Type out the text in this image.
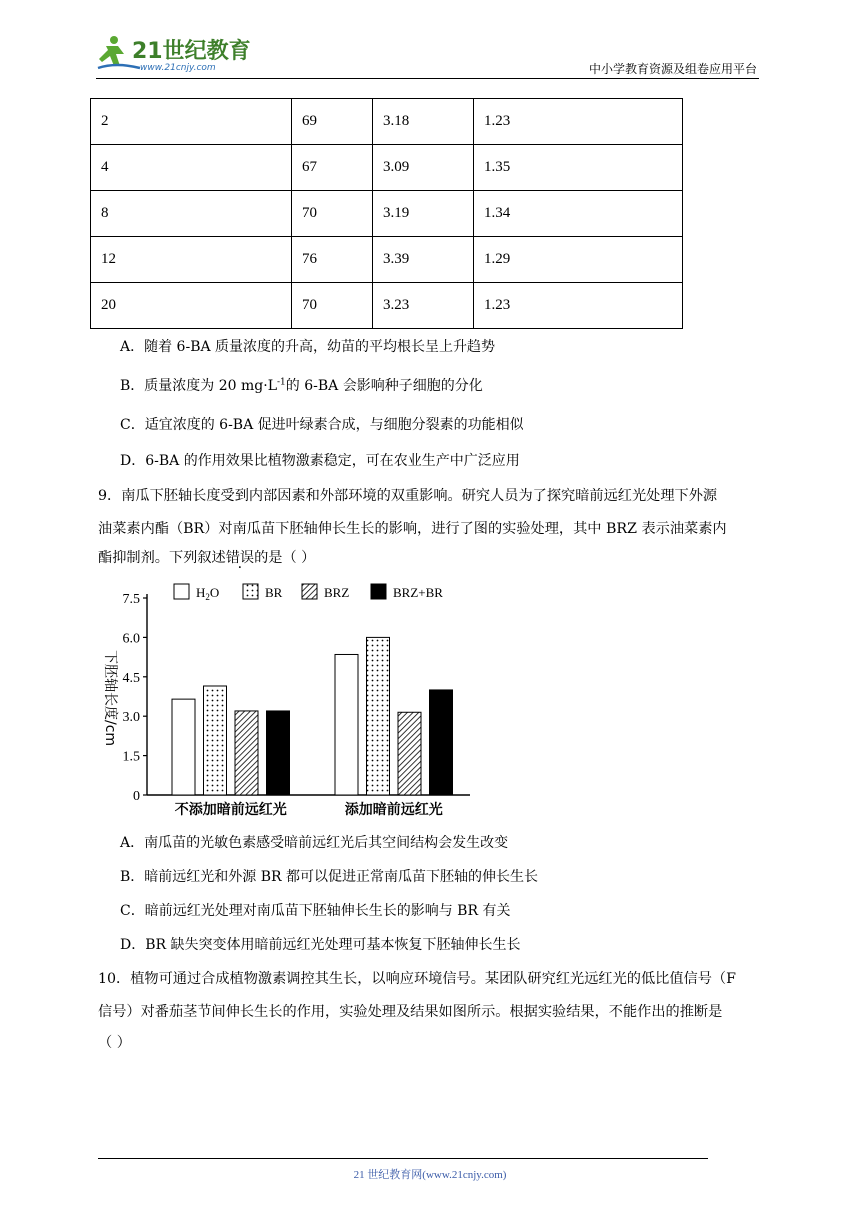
21世纪教育
www.21cnjy.com	中小学教育资源及组卷应用平台
2	69	3.18	1.23
4	67	3.09	1.35
8	70	3.19	1.34
12	76	3.39	1.29
20	70	3.23	1.23
A．随着 6-BA 质量浓度的升高，幼苗的平均根长呈上升趋势
B．质量浓度为 20 $mg\cdot L^{-1}$的 6-BA 会影响种子细胞的分化
C．适宜浓度的 6-BA 促进叶绿素合成，与细胞分裂素的功能相似
D．6-BA 的作用效果比植物激素稳定，可在农业生产中广泛应用
9．南瓜下胚轴长度受到内部因素和外部环境的双重影响。研究人员为了探究暗前远红光处理下外源
油菜素内酯（BR）对南瓜苗下胚轴伸长生长的影响，进行了图的实验处理，其中 BRZ 表示油菜素内
酯抑制剂。下列叙述错误的是（ ）
0
1.5
3.0
4.5
6.0
7.5
下胚轴长度/cm
不添加暗前远红光	添加暗前远红光
$H_2O$	BR	BRZ	BRZ+BR
A．南瓜苗的光敏色素感受暗前远红光后其空间结构会发生改变
B．暗前远红光和外源 BR 都可以促进正常南瓜苗下胚轴的伸长生长
C．暗前远红光处理对南瓜苗下胚轴伸长生长的影响与 BR 有关
D．BR 缺失突变体用暗前远红光处理可基本恢复下胚轴伸长生长
10．植物可通过合成植物激素调控其生长，以响应环境信号。某团队研究红光远红光的低比值信号（F
信号）对番茄茎节间伸长生长的作用，实验处理及结果如图所示。根据实验结果，不能作出的推断是
（ ）
21 世纪教育网(www.21cnjy.com)
